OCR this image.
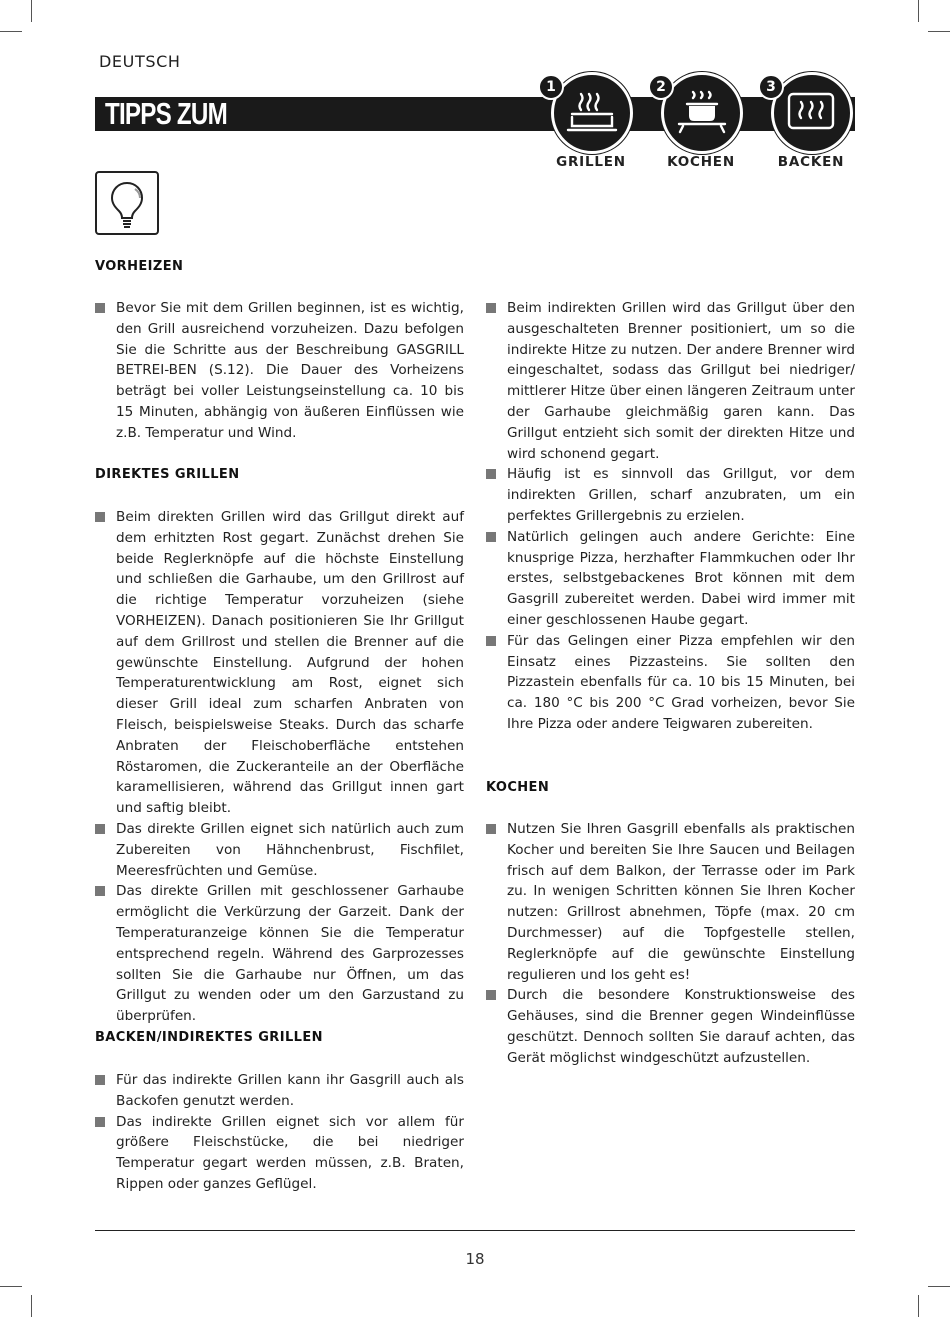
DEUTSCH
TIPPS ZUM
1
GRILLEN
2
KOCHEN
3
BACKEN
VORHEIZEN
Bevor Sie mit dem Grillen beginnen, ist es wichtig, den Grill ausreichend vorzuheizen. Dazu befolgen Sie die Schritte aus der Beschreibung GASGRILL BETREI-BEN (S.12). Die Dauer des Vorheizens beträgt bei voller Leistungseinstellung ca. 10 bis 15 Minuten, abhängig von äußeren Einflüssen wie z.B. Temperatur und Wind.
DIREKTES GRILLEN
Beim direkten Grillen wird das Grillgut direkt auf dem erhitzten Rost gegart. Zunächst drehen Sie beide Reglerknöpfe auf die höchste Einstellung und schließen die Garhaube, um den Grillrost auf die richtige Temperatur vorzuheizen (siehe VORHEIZEN). Danach positionieren Sie Ihr Grillgut auf dem Grillrost und stellen die Brenner auf die gewünschte Einstellung. Aufgrund der hohen Temperaturentwicklung am Rost, eignet sich dieser Grill ideal zum scharfen Anbraten von Fleisch, beispielsweise Steaks. Durch das scharfe Anbraten der Fleischoberfläche entstehen Röstaromen, die Zuckeranteile an der Oberfläche karamellisieren, während das Grillgut innen gart und saftig bleibt.
Das direkte Grillen eignet sich natürlich auch zum Zubereiten von Hähnchenbrust, Fischfilet, Meeresfrüchten und Gemüse.
Das direkte Grillen mit geschlossener Garhaube ermöglicht die Verkürzung der Garzeit. Dank der Temperaturanzeige können Sie die Temperatur entsprechend regeln. Während des Garprozesses sollten Sie die Garhaube nur Öffnen, um das Grillgut zu wenden oder um den Garzustand zu überprüfen.
BACKEN/INDIREKTES GRILLEN
Für das indirekte Grillen kann ihr Gasgrill auch als Backofen genutzt werden.
Das indirekte Grillen eignet sich vor allem für größere Fleischstücke, die bei niedriger Temperatur gegart werden müssen, z.B. Braten, Rippen oder ganzes Geflügel.
Beim indirekten Grillen wird das Grillgut über den ausgeschalteten Brenner positioniert, um so die indirekte Hitze zu nutzen. Der andere Brenner wird eingeschaltet, sodass das Grillgut bei niedriger/ mittlerer Hitze über einen längeren Zeitraum unter der Garhaube gleichmäßig garen kann. Das Grillgut entzieht sich somit der direkten Hitze und wird schonend gegart.
Häufig ist es sinnvoll das Grillgut, vor dem indirekten Grillen, scharf anzubraten, um ein perfektes Grillergebnis zu erzielen.
Natürlich gelingen auch andere Gerichte: Eine knusprige Pizza, herzhafter Flammkuchen oder Ihr erstes, selbstgebackenes Brot können mit dem Gasgrill zubereitet werden. Dabei wird immer mit einer geschlossenen Haube gegart.
Für das Gelingen einer Pizza empfehlen wir den Einsatz eines Pizzasteins. Sie sollten den Pizzastein ebenfalls für ca. 10 bis 15 Minuten, bei ca. 180 °C bis 200 °C Grad vorheizen, bevor Sie Ihre Pizza oder andere Teigwaren zubereiten.
KOCHEN
Nutzen Sie Ihren Gasgrill ebenfalls als praktischen Kocher und bereiten Sie Ihre Saucen und Beilagen frisch auf dem Balkon, der Terrasse oder im Park zu. In wenigen Schritten können Sie Ihren Kocher nutzen: Grillrost abnehmen, Töpfe (max. 20 cm Durchmesser) auf die Topfgestelle stellen, Reglerknöpfe auf die gewünschte Einstellung regulieren und los geht es!
Durch die besondere Konstruktionsweise des Gehäuses, sind die Brenner gegen Windeinflüsse geschützt. Dennoch sollten Sie darauf achten, das Gerät möglichst windgeschützt aufzustellen.
18
